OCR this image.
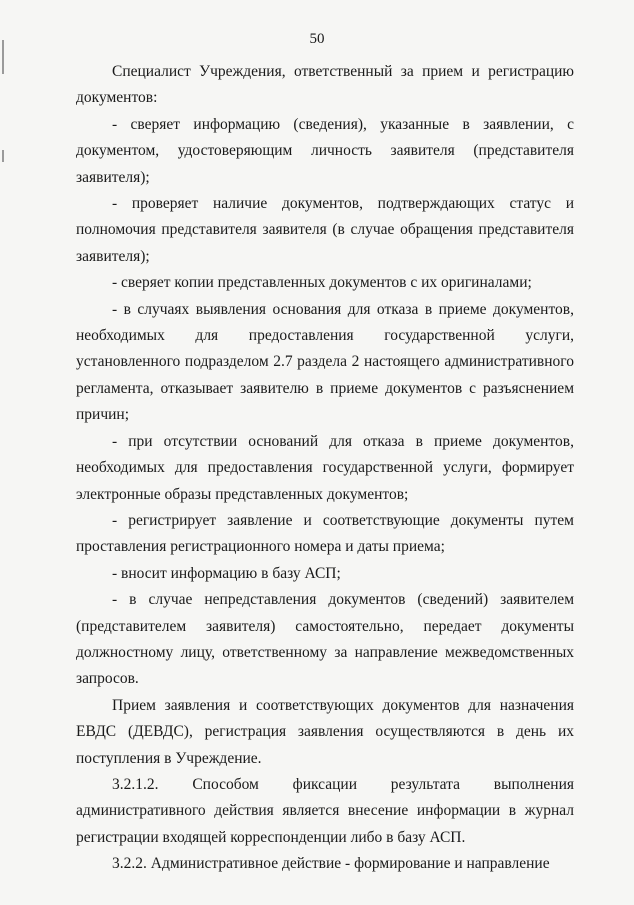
50

Специалист Учреждения, ответственный за прием и регистрацию документов:

- сверяет информацию (сведения), указанные в заявлении, с документом, удостоверяющим личность заявителя (представителя заявителя);

- проверяет наличие документов, подтверждающих статус и полномочия представителя заявителя (в случае обращения представителя заявителя);

- сверяет копии представленных документов с их оригиналами;

- в случаях выявления основания для отказа в приеме документов, необходимых для предоставления государственной услуги, установленного подразделом 2.7 раздела 2 настоящего административного регламента, отказывает заявителю в приеме документов с разъяснением причин;

- при отсутствии оснований для отказа в приеме документов, необходимых для предоставления государственной услуги, формирует электронные образы представленных документов;

- регистрирует заявление и соответствующие документы путем проставления регистрационного номера и даты приема;

- вносит информацию в базу АСП;

- в случае непредставления документов (сведений) заявителем (представителем заявителя) самостоятельно, передает документы должностному лицу, ответственному за направление межведомственных запросов.

Прием заявления и соответствующих документов для назначения ЕВДС (ДЕВДС), регистрация заявления осуществляются в день их поступления в Учреждение.

3.2.1.2. Способом фиксации результата выполнения административного действия является внесение информации в журнал регистрации входящей корреспонденции либо в базу АСП.

3.2.2. Административное действие - формирование и направление
